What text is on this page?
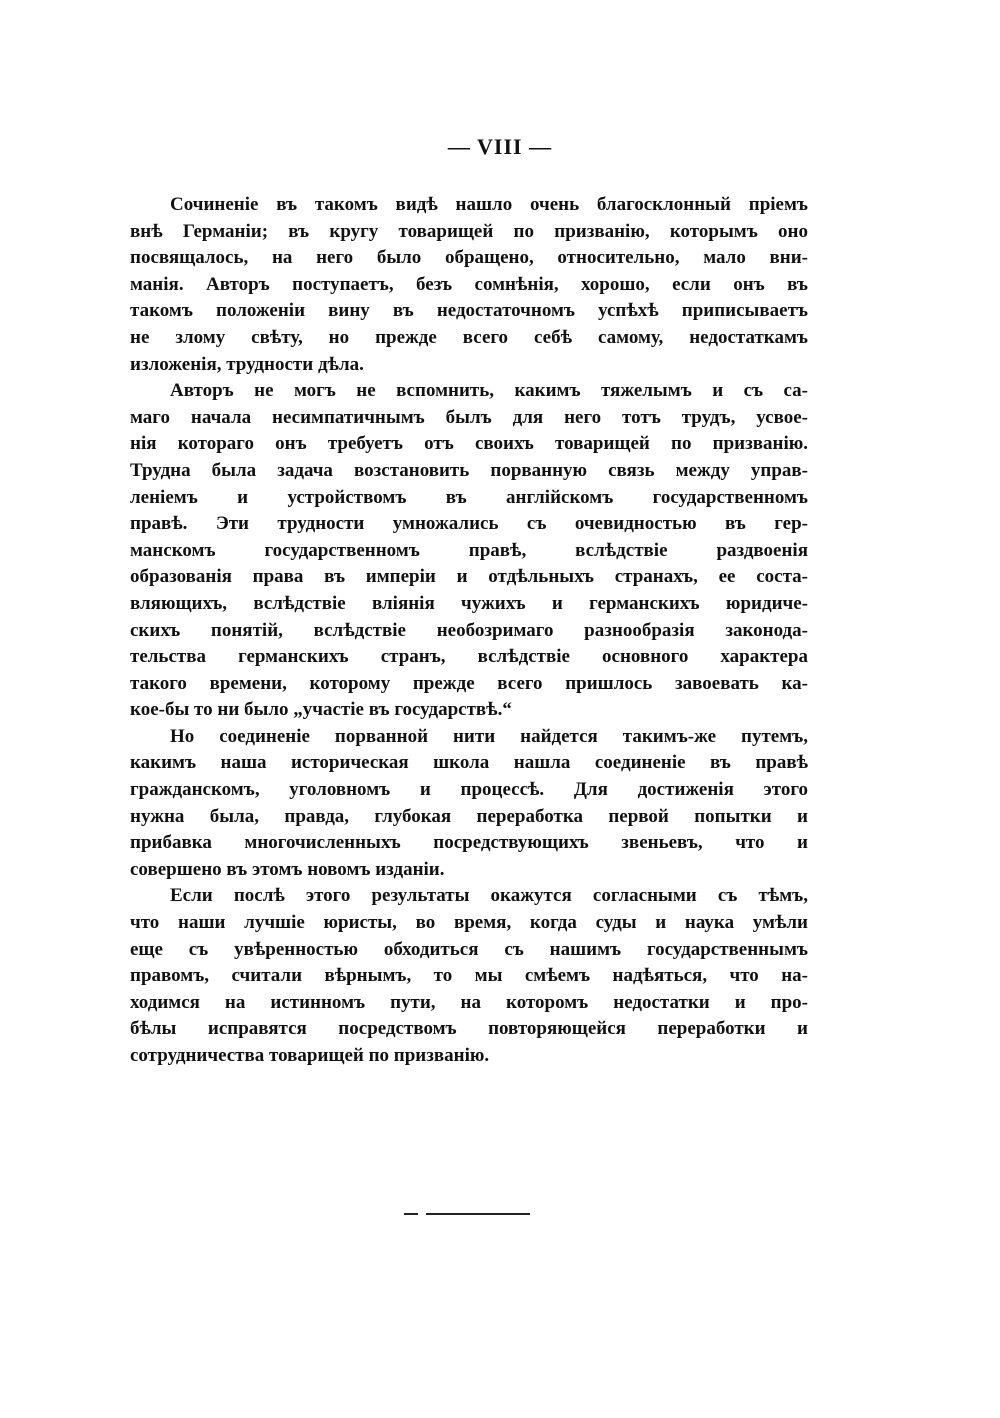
— VIII —
Сочиненіе въ такомъ видѣ нашло очень благосклонный пріемъ
внѣ Германіи; въ кругу товарищей по призванію, которымъ оно
посвящалось, на него было обращено, относительно, мало вни-
манія. Авторъ поступаетъ, безъ сомнѣнія, хорошо, если онъ въ
такомъ положеніи вину въ недостаточномъ успѣхѣ приписываетъ
не злому свѣту, но прежде всего себѣ самому, недостаткамъ
изложенія, трудности дѣла.
Авторъ не могъ не вспомнить, какимъ тяжелымъ и съ са-
маго начала несимпатичнымъ былъ для него тотъ трудъ, усвое-
нія котораго онъ требуетъ отъ своихъ товарищей по призванію.
Трудна была задача возстановить порванную связь между управ-
леніемъ и устройствомъ въ англійскомъ государственномъ
правѣ. Эти трудности умножались съ очевидностью въ гер-
манскомъ государственномъ правѣ, вслѣдствіе раздвоенія
образованія права въ имперіи и отдѣльныхъ странахъ, ее соста-
вляющихъ, вслѣдствіе вліянія чужихъ и германскихъ юридиче-
скихъ понятій, вслѣдствіе необозримаго разнообразія законода-
тельства германскихъ странъ, вслѣдствіе основного характера
такого времени, которому прежде всего пришлось завоевать ка-
кое-бы то ни было „участіе въ государствѣ.“
Но соединеніе порванной нити найдется такимъ-же путемъ,
какимъ наша историческая школа нашла соединеніе въ правѣ
гражданскомъ, уголовномъ и процессѣ. Для достиженія этого
нужна была, правда, глубокая переработка первой попытки и
прибавка многочисленныхъ посредствующихъ звеньевъ, что и
совершено въ этомъ новомъ изданіи.
Если послѣ этого результаты окажутся согласными съ тѣмъ,
что наши лучшіе юристы, во время, когда суды и наука умѣли
еще съ увѣренностью обходиться съ нашимъ государственнымъ
правомъ, считали вѣрнымъ, то мы смѣемъ надѣяться, что на-
ходимся на истинномъ пути, на которомъ недостатки и про-
бѣлы исправятся посредствомъ повторяющейся переработки и
сотрудничества товарищей по призванію.
